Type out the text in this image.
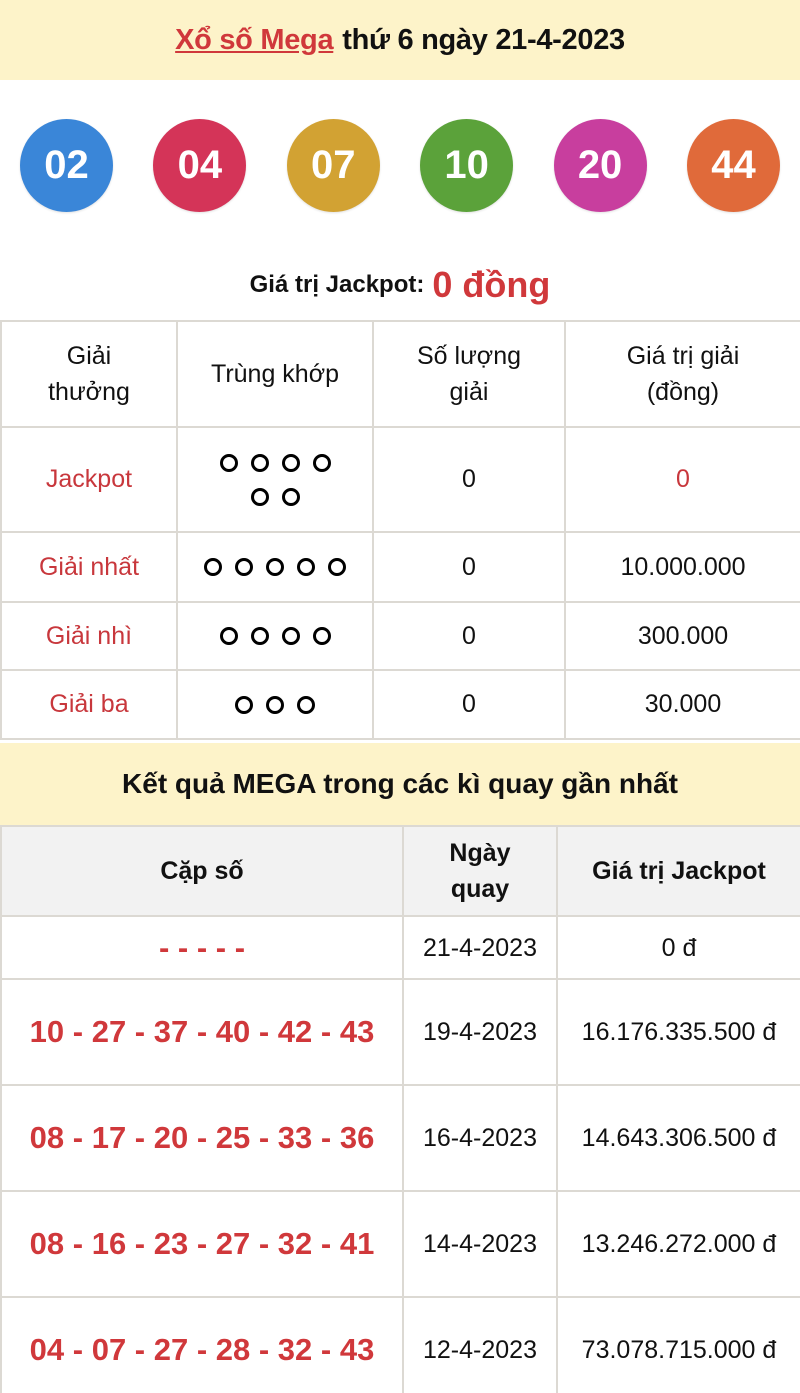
Xổ số Mega thứ 6 ngày 21-4-2023
02	04	07	10	20	44
Giá trị Jackpot: 0 đồng
Giải thưởng	Trùng khớp	Số lượng giải	Giá trị giải (đồng)
Jackpot		0	0
Giải nhất		0	10.000.000
Giải nhì		0	300.000
Giải ba		0	30.000
Kết quả MEGA trong các kì quay gần nhất
Cặp số	Ngày quay	Giá trị Jackpot
- - - - -	21-4-2023	0 đ
10 - 27 - 37 - 40 - 42 - 43	19-4-2023	16.176.335.500 đ
08 - 17 - 20 - 25 - 33 - 36	16-4-2023	14.643.306.500 đ
08 - 16 - 23 - 27 - 32 - 41	14-4-2023	13.246.272.000 đ
04 - 07 - 27 - 28 - 32 - 43	12-4-2023	73.078.715.000 đ
